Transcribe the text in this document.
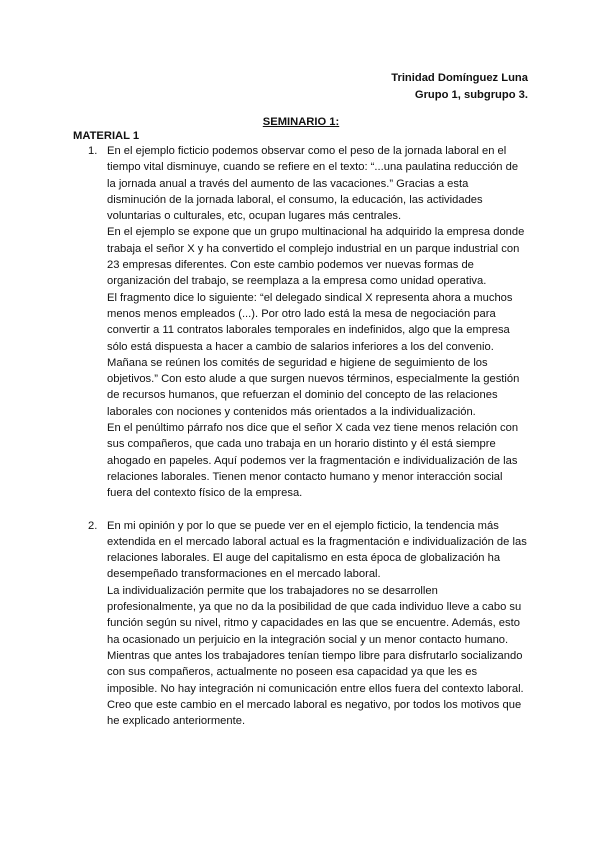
Trinidad Domínguez Luna
Grupo 1, subgrupo 3.
SEMINARIO 1:
MATERIAL 1
1. En el ejemplo ficticio podemos observar como el peso de la jornada laboral en el tiempo vital disminuye, cuando se refiere en el texto: “...una paulatina reducción de la jornada anual a través del aumento de las vacaciones.” Gracias a esta disminución de la jornada laboral, el consumo, la educación, las actividades voluntarias o culturales, etc, ocupan lugares más centrales.

En el ejemplo se expone que un grupo multinacional ha adquirido la empresa donde trabaja el señor X y ha convertido el complejo industrial en un parque industrial con 23 empresas diferentes. Con este cambio podemos ver nuevas formas de organización del trabajo, se reemplaza a la empresa como unidad operativa.

El fragmento dice lo siguiente: “el delegado sindical X representa ahora a muchos menos menos empleados (...). Por otro lado está la mesa de negociación para convertir a 11 contratos laborales temporales en indefinidos, algo que la empresa sólo está dispuesta a hacer a cambio de salarios inferiores a los del convenio. Mañana se reúnen los comités de seguridad e higiene de seguimiento de los objetivos.” Con esto alude a que surgen nuevos términos, especialmente la gestión de recursos humanos, que refuerzan el dominio del concepto de las relaciones laborales con nociones y contenidos más orientados a la individualización.

En el penúltimo párrafo nos dice que el señor X cada vez tiene menos relación con sus compañeros, que cada uno trabaja en un horario distinto y él está siempre ahogado en papeles. Aquí podemos ver la fragmentación e individualización de las relaciones laborales. Tienen menor contacto humano y menor interacción social fuera del contexto físico de la empresa.

2. En mi opinión y por lo que se puede ver en el ejemplo ficticio, la tendencia más extendida en el mercado laboral actual es la fragmentación e individualización de las relaciones laborales. El auge del capitalismo en esta época de globalización ha desempeñado transformaciones en el mercado laboral.

La individualización permite que los trabajadores no se desarrollen profesionalmente, ya que no da la posibilidad de que cada individuo lleve a cabo su función según su nivel, ritmo y capacidades en las que se encuentre. Además, esto ha ocasionado un perjuicio en la integración social y un menor contacto humano.

Mientras que antes los trabajadores tenían tiempo libre para disfrutarlo socializando con sus compañeros, actualmente no poseen esa capacidad ya que les es imposible. No hay integración ni comunicación entre ellos fuera del contexto laboral. Creo que este cambio en el mercado laboral es negativo, por todos los motivos que he explicado anteriormente.
